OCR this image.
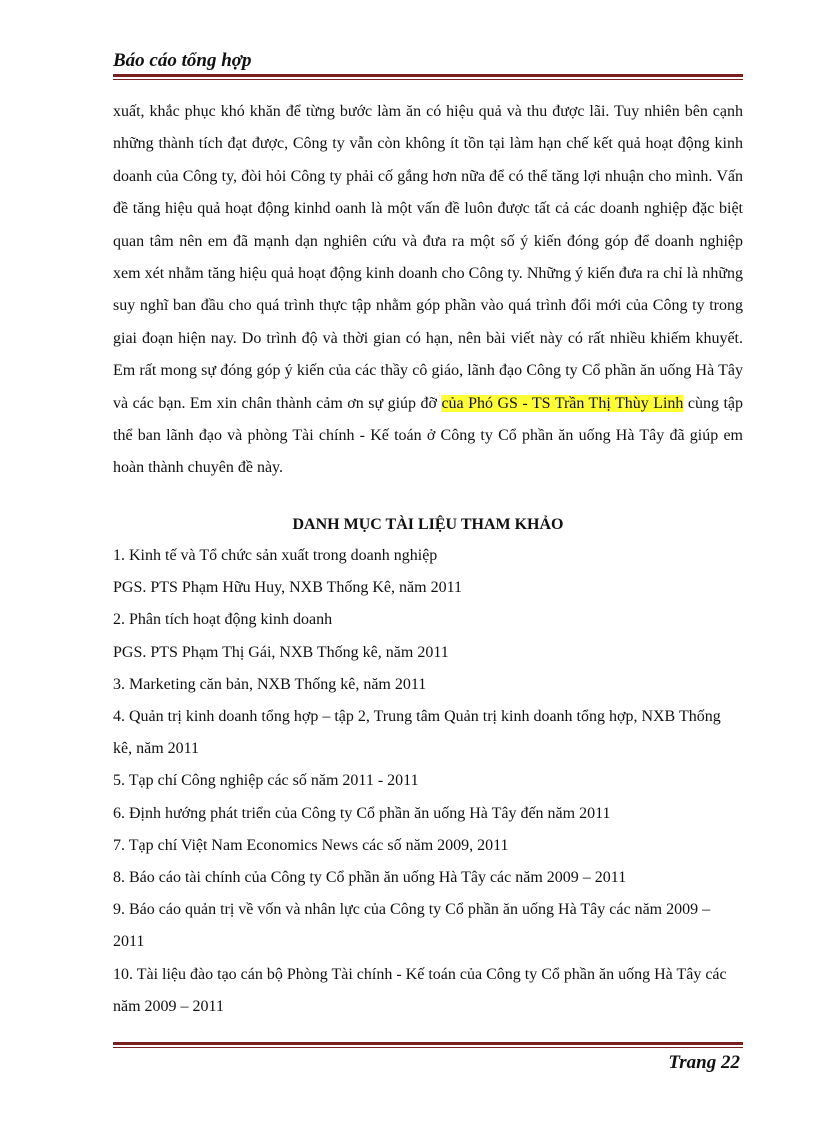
Báo cáo tổng hợp
xuất, khắc phục khó khăn để từng bước làm ăn có hiệu quả và thu được lãi. Tuy nhiên bên cạnh những thành tích đạt được, Công ty vẫn còn không ít tồn tại làm hạn chế kết quả hoạt động kinh doanh của Công ty, đòi hỏi Công ty phải cố gắng hơn nữa để có thể tăng lợi nhuận cho mình. Vấn đề tăng hiệu quả hoạt động kinhd oanh là một vấn đề luôn được tất cả các doanh nghiệp đặc biệt quan tâm nên em đã mạnh dạn nghiên cứu và đưa ra một số ý kiến đóng góp để doanh nghiệp xem xét nhằm tăng hiệu quả hoạt động kinh doanh cho Công ty. Những ý kiến đưa ra chỉ là những suy nghĩ ban đầu cho quá trình thực tập nhằm góp phần vào quá trình đổi mới của Công ty trong giai đoạn hiện nay. Do trình độ và thời gian có hạn, nên bài viết này có rất nhiều khiếm khuyết. Em rất mong sự đóng góp ý kiến của các thầy cô giáo, lãnh đạo Công ty Cổ phần ăn uống Hà Tây và các bạn. Em xin chân thành cảm ơn sự giúp đỡ của Phó GS - TS Trần Thị Thùy Linh cùng tập thể ban lãnh đạo và phòng Tài chính - Kế toán ở Công ty Cổ phần ăn uống Hà Tây đã giúp em hoàn thành chuyên đề này.
DANH MỤC TÀI LIỆU THAM KHẢO
1. Kinh tế và Tổ chức sản xuất trong doanh nghiệp
PGS. PTS Phạm Hữu Huy, NXB Thống Kê, năm 2011
2. Phân tích hoạt động kinh doanh
PGS. PTS Phạm Thị Gái, NXB Thống kê, năm 2011
3. Marketing căn bản, NXB Thống kê, năm 2011
4. Quản trị kinh doanh tổng hợp – tập 2, Trung tâm Quản trị kinh doanh tổng hợp, NXB Thống kê, năm 2011
5. Tạp chí Công nghiệp các số năm 2011 - 2011
6. Định hướng phát triển của Công ty Cổ phần ăn uống Hà Tây đến năm 2011
7. Tạp chí Việt Nam Economics News các số năm 2009, 2011
8. Báo cáo tài chính của Công ty Cổ phần ăn uống Hà Tây các năm 2009 – 2011
9. Báo cáo quản trị về vốn và nhân lực của Công ty Cổ phần ăn uống Hà Tây các năm 2009 – 2011
10. Tài liệu đào tạo cán bộ Phòng Tài chính - Kế toán của Công ty Cổ phần ăn uống Hà Tây các năm 2009 – 2011
Trang 22
